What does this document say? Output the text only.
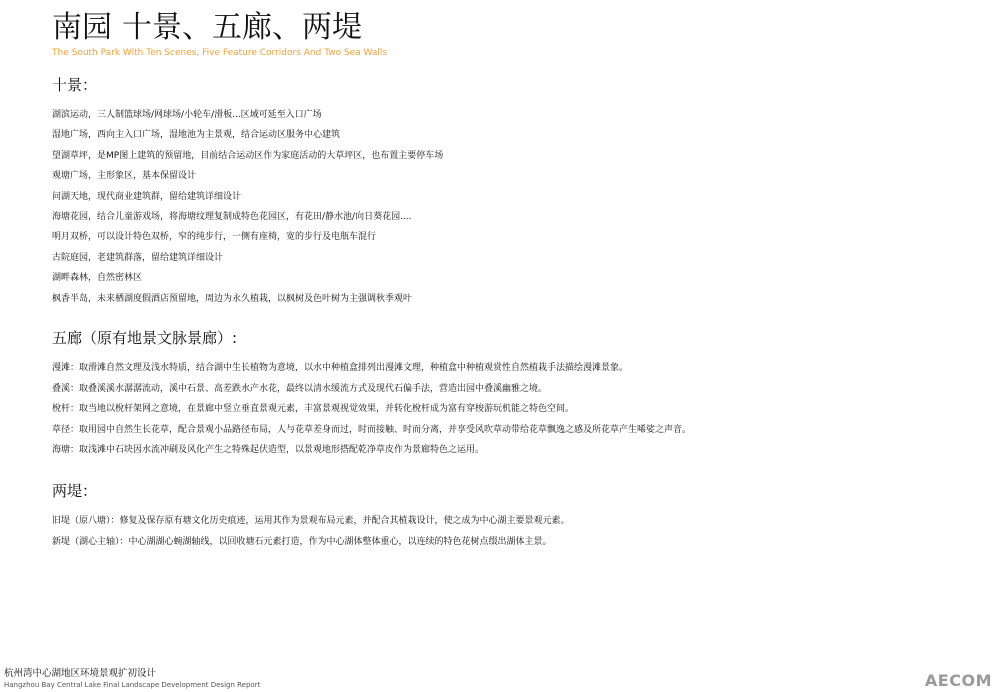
南园 十景、五廊、两堤
The South Park With Ten Scenes, Five Feature Corridors And Two Sea Walls
十景：
湖滨运动，三人制篮球场/网球场/小轮车/滑板...区域可延至入口广场
湿地广场，西向主入口广场，湿地池为主景观，结合运动区服务中心建筑
望湖草坪，是MP图上建筑的预留地，目前结合运动区作为家庭活动的大草坪区，也布置主要停车场
观塘广场，主形象区，基本保留设计
问湖天地，现代商业建筑群，留给建筑详细设计
海塘花园，结合儿童游戏场，将海塘纹理复制成特色花园区，有花田/静水池/向日葵花园....
明月双桥，可以设计特色双桥，窄的纯步行，一侧有座椅，宽的步行及电瓶车混行
古院庭园，老建筑群落，留给建筑详细设计
湖畔森林，自然密林区
枫香半岛，未来栖湖度假酒店预留地，周边为永久植栽，以枫树及色叶树为主强调秋季观叶
五廊（原有地景文脉景廊）:
漫滩：取滑滩自然文理及浅水特质，结合湖中生长植物为意境，以水中种植盒排列出漫滩文理，种植盒中种植观赏性自然植栽手法描绘漫滩景象。
叠溪：取叠溪溪水潺潺流动，溪中石景、高差跌水产水花，最终以清水缓流方式及现代石偏手法，营造出园中叠溪幽雅之境。
梲杆：取当地以梲杆架网之意境，在景廊中竖立垂直景观元素，丰富景观视觉效果，并转化梲杆成为富有穿梭游玩机能之特色空间。
草径：取用园中自然生长花草，配合景观小品路径布局，人与花草差身而过，时而接触、时而分离，并享受风吹草动带给花草飘逸之感及所花草产生唏娑之声音。
海塘：取浅滩中石块因水流冲刷及风化产生之特殊起伏造型，以景观地形搭配乾净草皮作为景廊特色之运用。
两堤：
旧堤（原八塘）：修复及保存原有塘文化历史痕迹，运用其作为景观布局元素，并配合其植栽设计，使之成为中心湖主要景观元素。
新堤（湖心主轴）：中心湖湖心蜿湖轴线，以回收塘石元素打造，作为中心湖体整体重心，以连续的特色花树点缀出湖体主景。
杭州湾中心湖地区环境景观扩初设计
Hangzhou Bay Central Lake Final Landscape Development Design Report	AECOM
